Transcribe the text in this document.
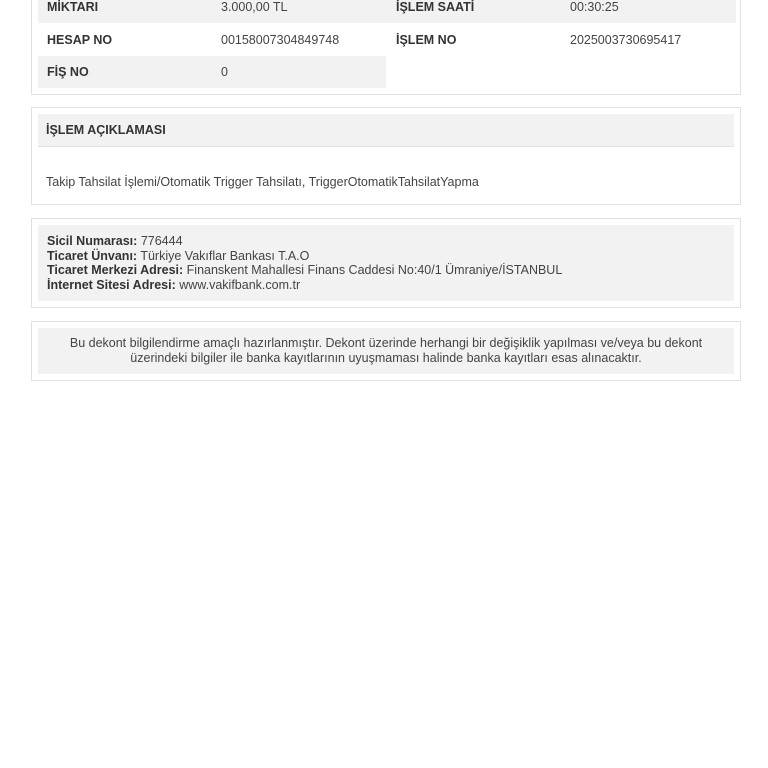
MİKTARI	3.000,00 TL	İŞLEM SAATİ	00:30:25
HESAP NO	00158007304849748	İŞLEM NO	2025003730695417
FİŞ NO	0
İŞLEM AÇIKLAMASI
Takip Tahsilat İşlemi/Otomatik Trigger Tahsilatı, TriggerOtomatikTahsilatYapma
Sicil Numarası: 776444
Ticaret Ünvanı: Türkiye Vakıflar Bankası T.A.O
Ticaret Merkezi Adresi: Finanskent Mahallesi Finans Caddesi No:40/1 Ümraniye/İSTANBUL
İnternet Sitesi Adresi: www.vakifbank.com.tr
Bu dekont bilgilendirme amaçlı hazırlanmıştır. Dekont üzerinde herhangi bir değişiklik yapılması ve/veya bu dekont
üzerindeki bilgiler ile banka kayıtlarının uyuşmaması halinde banka kayıtları esas alınacaktır.
